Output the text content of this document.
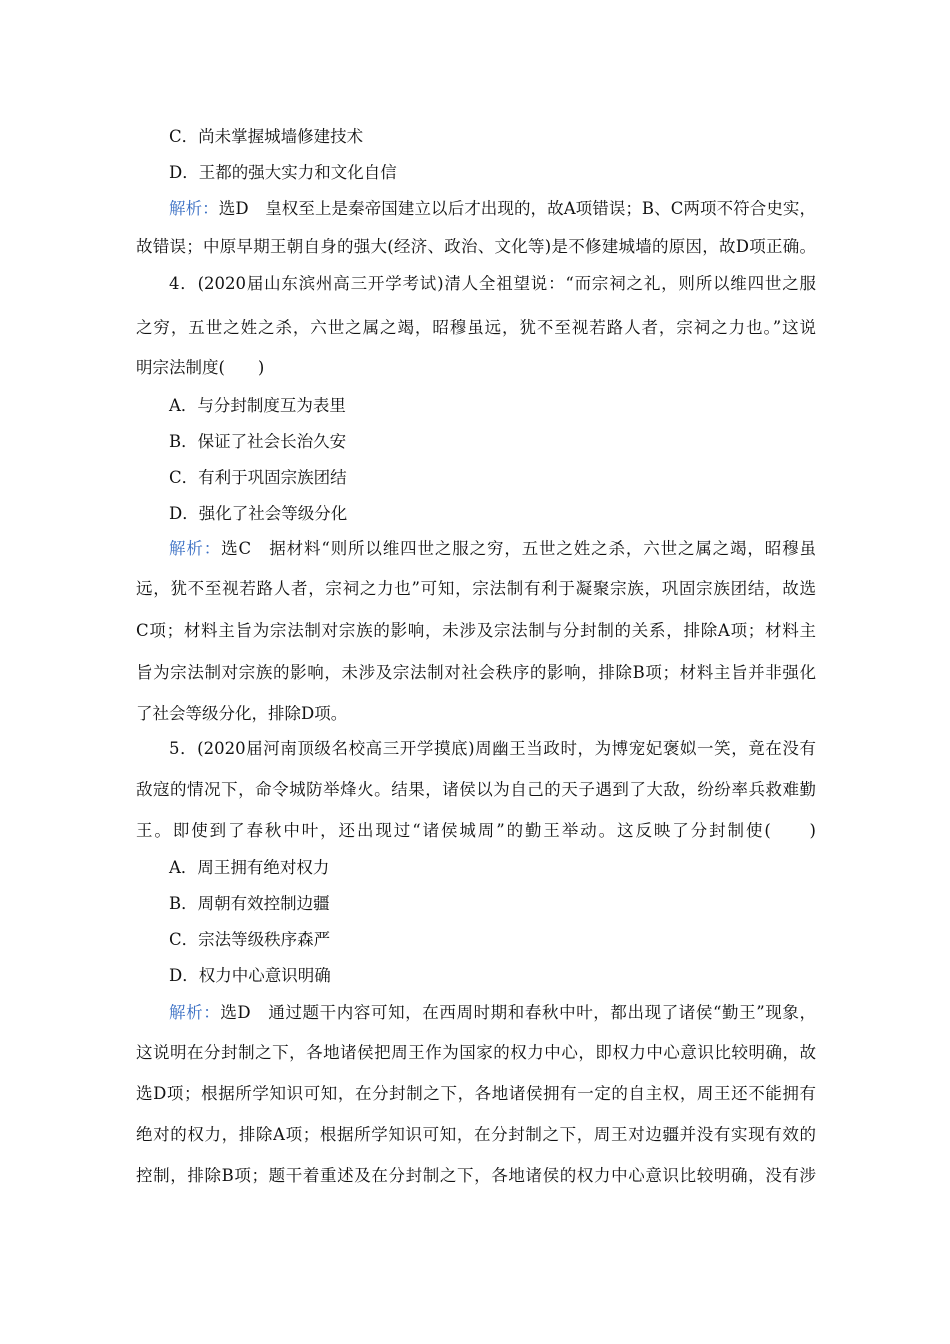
C．尚未掌握城墙修建技术
D．王都的强大实力和文化自信
解析：选D　皇权至上是秦帝国建立以后才出现的，故A项错误；B、C两项不符合史实，
故错误；中原早期王朝自身的强大(经济、政治、文化等)是不修建城墙的原因，故D项正确。
4．(2020届山东滨州高三开学考试)清人全祖望说：“而宗祠之礼，则所以维四世之服
之穷，五世之姓之杀，六世之属之竭，昭穆虽远，犹不至视若路人者，宗祠之力也。”这说
明宗法制度(　　)
A．与分封制度互为表里
B．保证了社会长治久安
C．有利于巩固宗族团结
D．强化了社会等级分化
解析：选C　据材料“则所以维四世之服之穷，五世之姓之杀，六世之属之竭，昭穆虽
远，犹不至视若路人者，宗祠之力也”可知，宗法制有利于凝聚宗族，巩固宗族团结，故选
C项；材料主旨为宗法制对宗族的影响，未涉及宗法制与分封制的关系，排除A项；材料主
旨为宗法制对宗族的影响，未涉及宗法制对社会秩序的影响，排除B项；材料主旨并非强化
了社会等级分化，排除D项。
5．(2020届河南顶级名校高三开学摸底)周幽王当政时，为博宠妃褒姒一笑，竟在没有
敌寇的情况下，命令城防举烽火。结果，诸侯以为自己的天子遇到了大敌，纷纷率兵救难勤
王。即使到了春秋中叶，还出现过“诸侯城周”的勤王举动。这反映了分封制使(　　)
A．周王拥有绝对权力
B．周朝有效控制边疆
C．宗法等级秩序森严
D．权力中心意识明确
解析：选D　通过题干内容可知，在西周时期和春秋中叶，都出现了诸侯“勤王”现象，
这说明在分封制之下，各地诸侯把周王作为国家的权力中心，即权力中心意识比较明确，故
选D项；根据所学知识可知，在分封制之下，各地诸侯拥有一定的自主权，周王还不能拥有
绝对的权力，排除A项；根据所学知识可知，在分封制之下，周王对边疆并没有实现有效的
控制，排除B项；题干着重述及在分封制之下，各地诸侯的权力中心意识比较明确，没有涉
